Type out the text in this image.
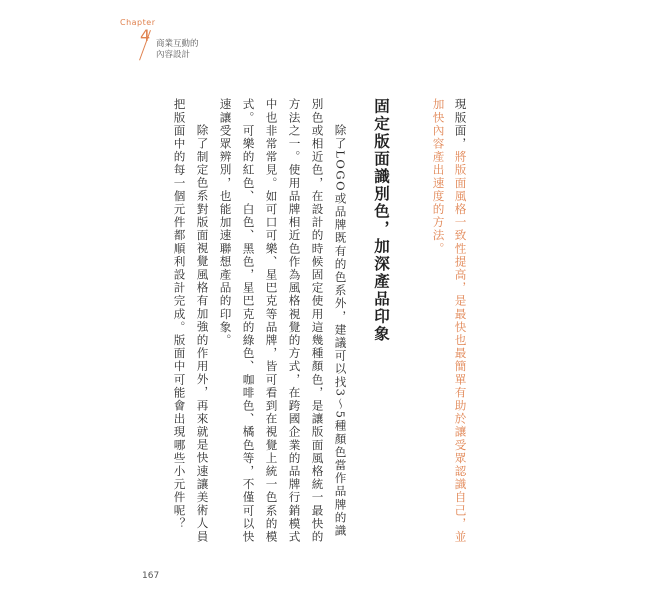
Chapter
4 商業互動的
內容設計
現版面，將版面風格一致性提高，是最快也最簡單有助於讓受眾認識自己，並
加快內容產出速度的方法。
固定版面識別色，加深產品印象
除了LOGO或品牌既有的色系外，建議可以找3～5種顏色當作品牌的識
別色或相近色，在設計的時候固定使用這幾種顏色，是讓版面風格統一最快的
方法之一。使用品牌相近色作為風格視覺的方式，在跨國企業的品牌行銷模式
中也非常常見。如可口可樂、星巴克等品牌，皆可看到在視覺上統一色系的模
式。可樂的紅色、白色、黑色，星巴克的綠色、咖啡色、橘色等，不僅可以快
速讓受眾辨別，也能加速聯想產品的印象。
除了制定色系對版面視覺風格有加強的作用外，再來就是快速讓美術人員
把版面中的每一個元件都順利設計完成。版面中可能會出現哪些小元件呢？
167
